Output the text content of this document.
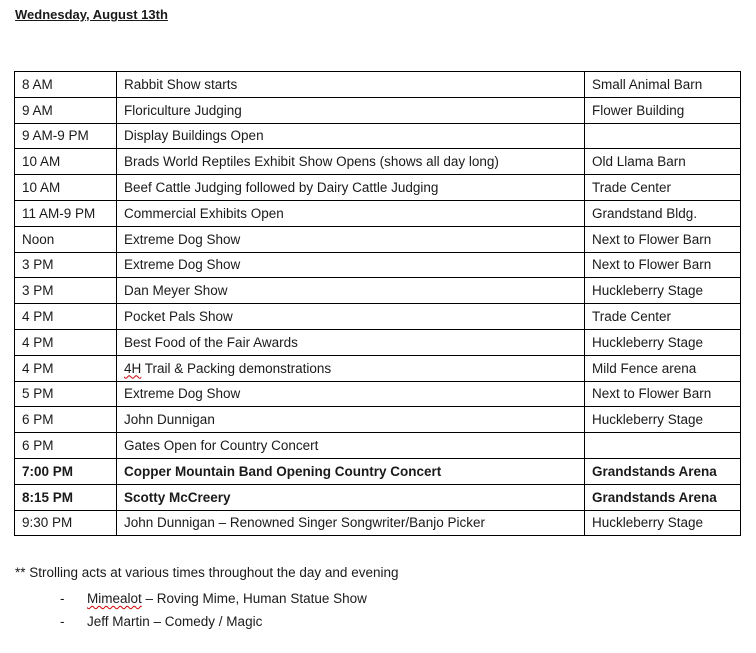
Wednesday, August 13th
8 AM	Rabbit Show starts	Small Animal Barn
9 AM	Floriculture Judging	Flower Building
9 AM-9 PM	Display Buildings Open	
10 AM	Brads World Reptiles Exhibit Show Opens (shows all day long)	Old Llama Barn
10 AM	Beef Cattle Judging followed by Dairy Cattle Judging	Trade Center
11 AM-9 PM	Commercial Exhibits Open	Grandstand Bldg.
Noon	Extreme Dog Show	Next to Flower Barn
3 PM	Extreme Dog Show	Next to Flower Barn
3 PM	Dan Meyer Show	Huckleberry Stage
4 PM	Pocket Pals Show	Trade Center
4 PM	Best Food of the Fair Awards	Huckleberry Stage
4 PM	4H Trail & Packing demonstrations	Mild Fence arena
5 PM	Extreme Dog Show	Next to Flower Barn
6 PM	John Dunnigan	Huckleberry Stage
6 PM	Gates Open for Country Concert	
7:00 PM	Copper Mountain Band Opening Country Concert	Grandstands Arena
8:15 PM	Scotty McCreery	Grandstands Arena
9:30 PM	John Dunnigan – Renowned Singer Songwriter/Banjo Picker	Huckleberry Stage
** Strolling acts at various times throughout the day and evening
- Mimealot – Roving Mime, Human Statue Show
- Jeff Martin – Comedy / Magic
